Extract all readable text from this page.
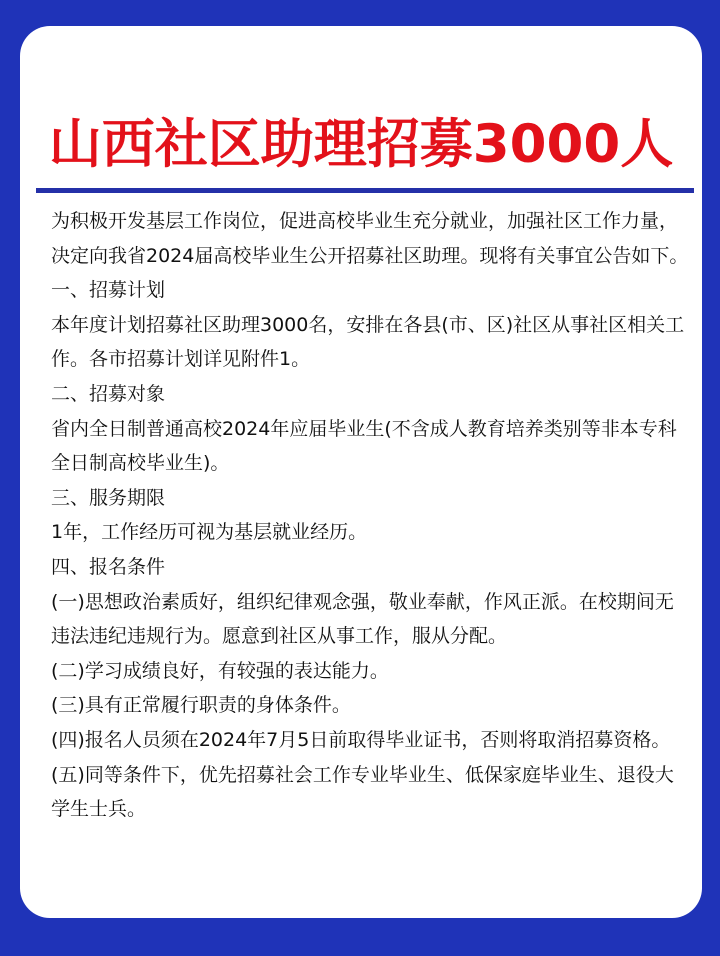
山西社区助理招募3000人

为积极开发基层工作岗位，促进高校毕业生充分就业，加强社区工作力量，决定向我省2024届高校毕业生公开招募社区助理。现将有关事宜公告如下。

一、招募计划

本年度计划招募社区助理3000名，安排在各县(市、区)社区从事社区相关工作。各市招募计划详见附件1。

二、招募对象

省内全日制普通高校2024年应届毕业生(不含成人教育培养类别等非本专科全日制高校毕业生)。

三、服务期限

1年，工作经历可视为基层就业经历。

四、报名条件

(一)思想政治素质好，组织纪律观念强，敬业奉献，作风正派。在校期间无违法违纪违规行为。愿意到社区从事工作，服从分配。

(二)学习成绩良好，有较强的表达能力。

(三)具有正常履行职责的身体条件。

(四)报名人员须在2024年7月5日前取得毕业证书，否则将取消招募资格。

(五)同等条件下，优先招募社会工作专业毕业生、低保家庭毕业生、退役大学生士兵。
